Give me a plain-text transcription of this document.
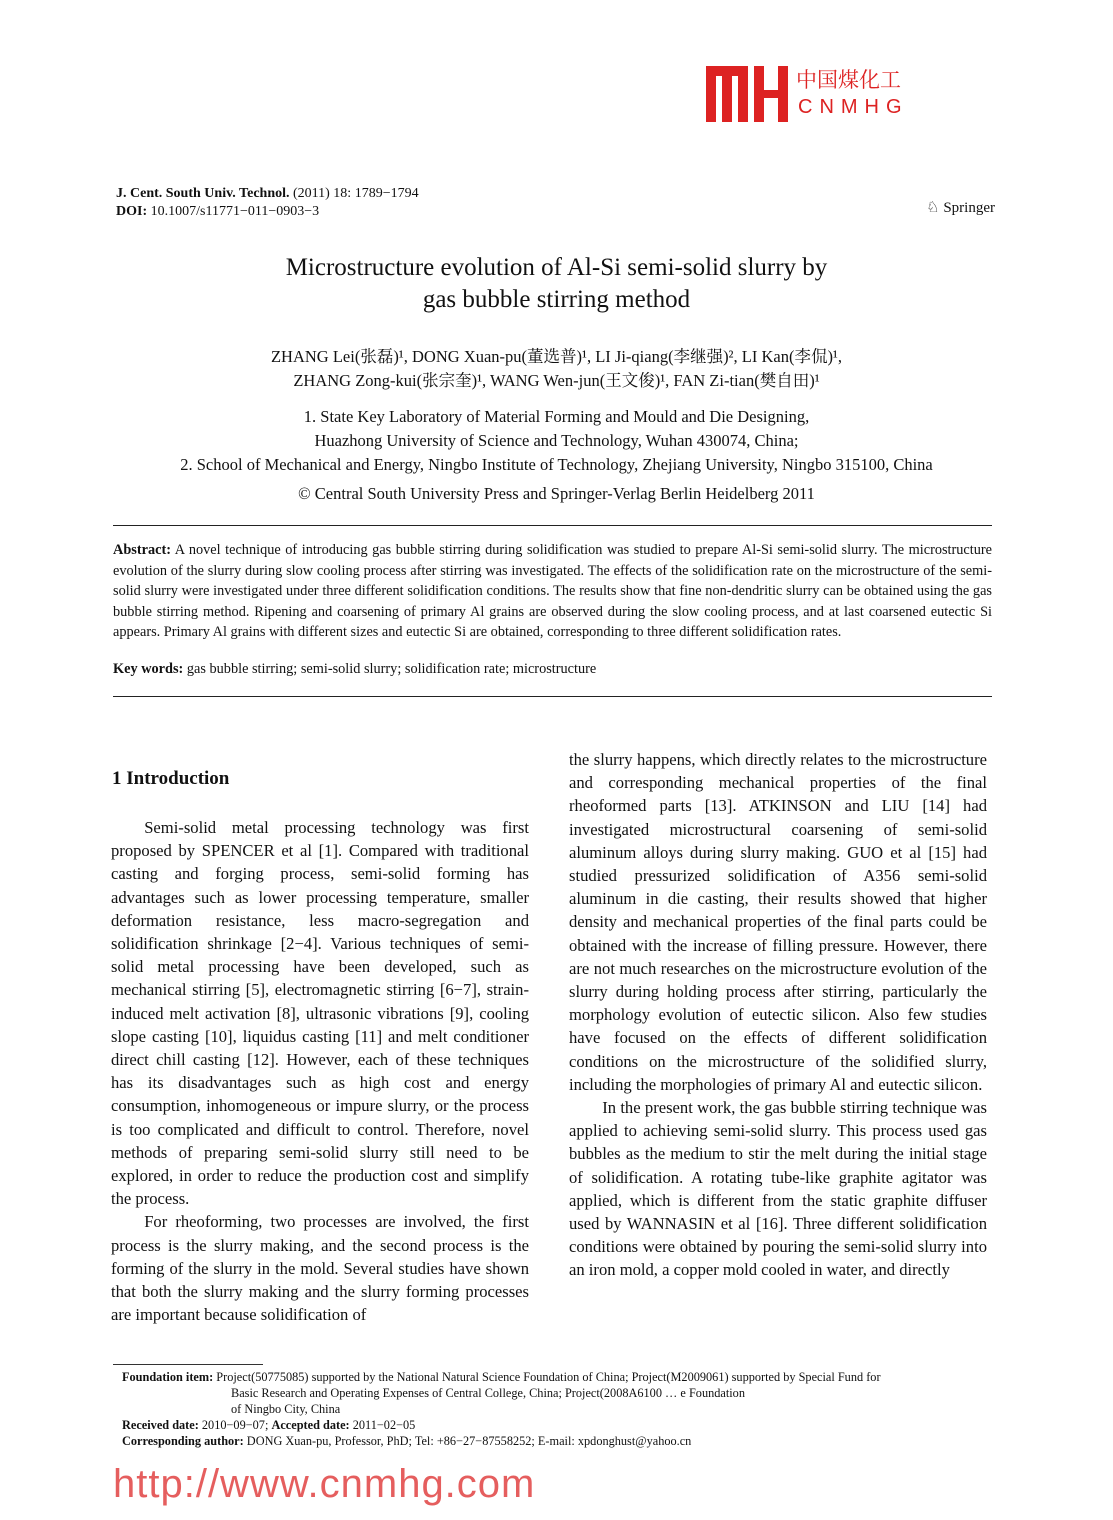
J. Cent. South Univ. Technol. (2011) 18: 1789−1794
DOI: 10.1007/s11771−011−0903−3	♘ Springer
Microstructure evolution of Al-Si semi-solid slurry by
gas bubble stirring method
ZHANG Lei(张磊)¹, DONG Xuan-pu(董选普)¹, LI Ji-qiang(李继强)², LI Kan(李侃)¹,
ZHANG Zong-kui(张宗奎)¹, WANG Wen-jun(王文俊)¹, FAN Zi-tian(樊自田)¹
1. State Key Laboratory of Material Forming and Mould and Die Designing,
Huazhong University of Science and Technology, Wuhan 430074, China;
2. School of Mechanical and Energy, Ningbo Institute of Technology, Zhejiang University, Ningbo 315100, China
© Central South University Press and Springer-Verlag Berlin Heidelberg 2011
Abstract: A novel technique of introducing gas bubble stirring during solidification was studied to prepare Al-Si semi-solid slurry. The microstructure evolution of the slurry during slow cooling process after stirring was investigated. The effects of the solidification rate on the microstructure of the semi-solid slurry were investigated under three different solidification conditions. The results show that fine non-dendritic slurry can be obtained using the gas bubble stirring method. Ripening and coarsening of primary Al grains are observed during the slow cooling process, and at last coarsened eutectic Si appears. Primary Al grains with different sizes and eutectic Si are obtained, corresponding to three different solidification rates.
Key words: gas bubble stirring; semi-solid slurry; solidification rate; microstructure
1 Introduction

Semi-solid metal processing technology was first proposed by SPENCER et al [1]. Compared with traditional casting and forging process, semi-solid forming has advantages such as lower processing temperature, smaller deformation resistance, less macro-segregation and solidification shrinkage [2−4]. Various techniques of semi-solid metal processing have been developed, such as mechanical stirring [5], electromagnetic stirring [6−7], strain-induced melt activation [8], ultrasonic vibrations [9], cooling slope casting [10], liquidus casting [11] and melt conditioner direct chill casting [12]. However, each of these techniques has its disadvantages such as high cost and energy consumption, inhomogeneous or impure slurry, or the process is too complicated and difficult to control. Therefore, novel methods of preparing semi-solid slurry still need to be explored, in order to reduce the production cost and simplify the process.

For rheoforming, two processes are involved, the first process is the slurry making, and the second process is the forming of the slurry in the mold. Several studies have shown that both the slurry making and the slurry forming processes are important because solidification of

the slurry happens, which directly relates to the microstructure and corresponding mechanical properties of the final rheoformed parts [13]. ATKINSON and LIU [14] had investigated microstructural coarsening of semi-solid aluminum alloys during slurry making. GUO et al [15] had studied pressurized solidification of A356 semi-solid aluminum in die casting, their results showed that higher density and mechanical properties of the final parts could be obtained with the increase of filling pressure. However, there are not much researches on the microstructure evolution of the slurry during holding process after stirring, particularly the morphology evolution of eutectic silicon. Also few studies have focused on the effects of different solidification conditions on the microstructure of the solidified slurry, including the morphologies of primary Al and eutectic silicon.

In the present work, the gas bubble stirring technique was applied to achieving semi-solid slurry. This process used gas bubbles as the medium to stir the melt during the initial stage of solidification. A rotating tube-like graphite agitator was applied, which is different from the static graphite diffuser used by WANNASIN et al [16]. Three different solidification conditions were obtained by pouring the semi-solid slurry into an iron mold, a copper mold cooled in water, and directly

Foundation item: Project(50775085) supported by the National Natural Science Foundation of China; Project(M2009061) supported by Special Fund for
Basic Research and Operating Expenses of Central College, China; Project(2008A6100 … e Foundation
of Ningbo City, China
Received date: 2010−09−07; Accepted date: 2011−02−05
Corresponding author: DONG Xuan-pu, Professor, PhD; Tel: +86−27−87558252; E-mail: xpdonghust@yahoo.cn
中国煤化工
CNMHG
http://www.cnmhg.com
